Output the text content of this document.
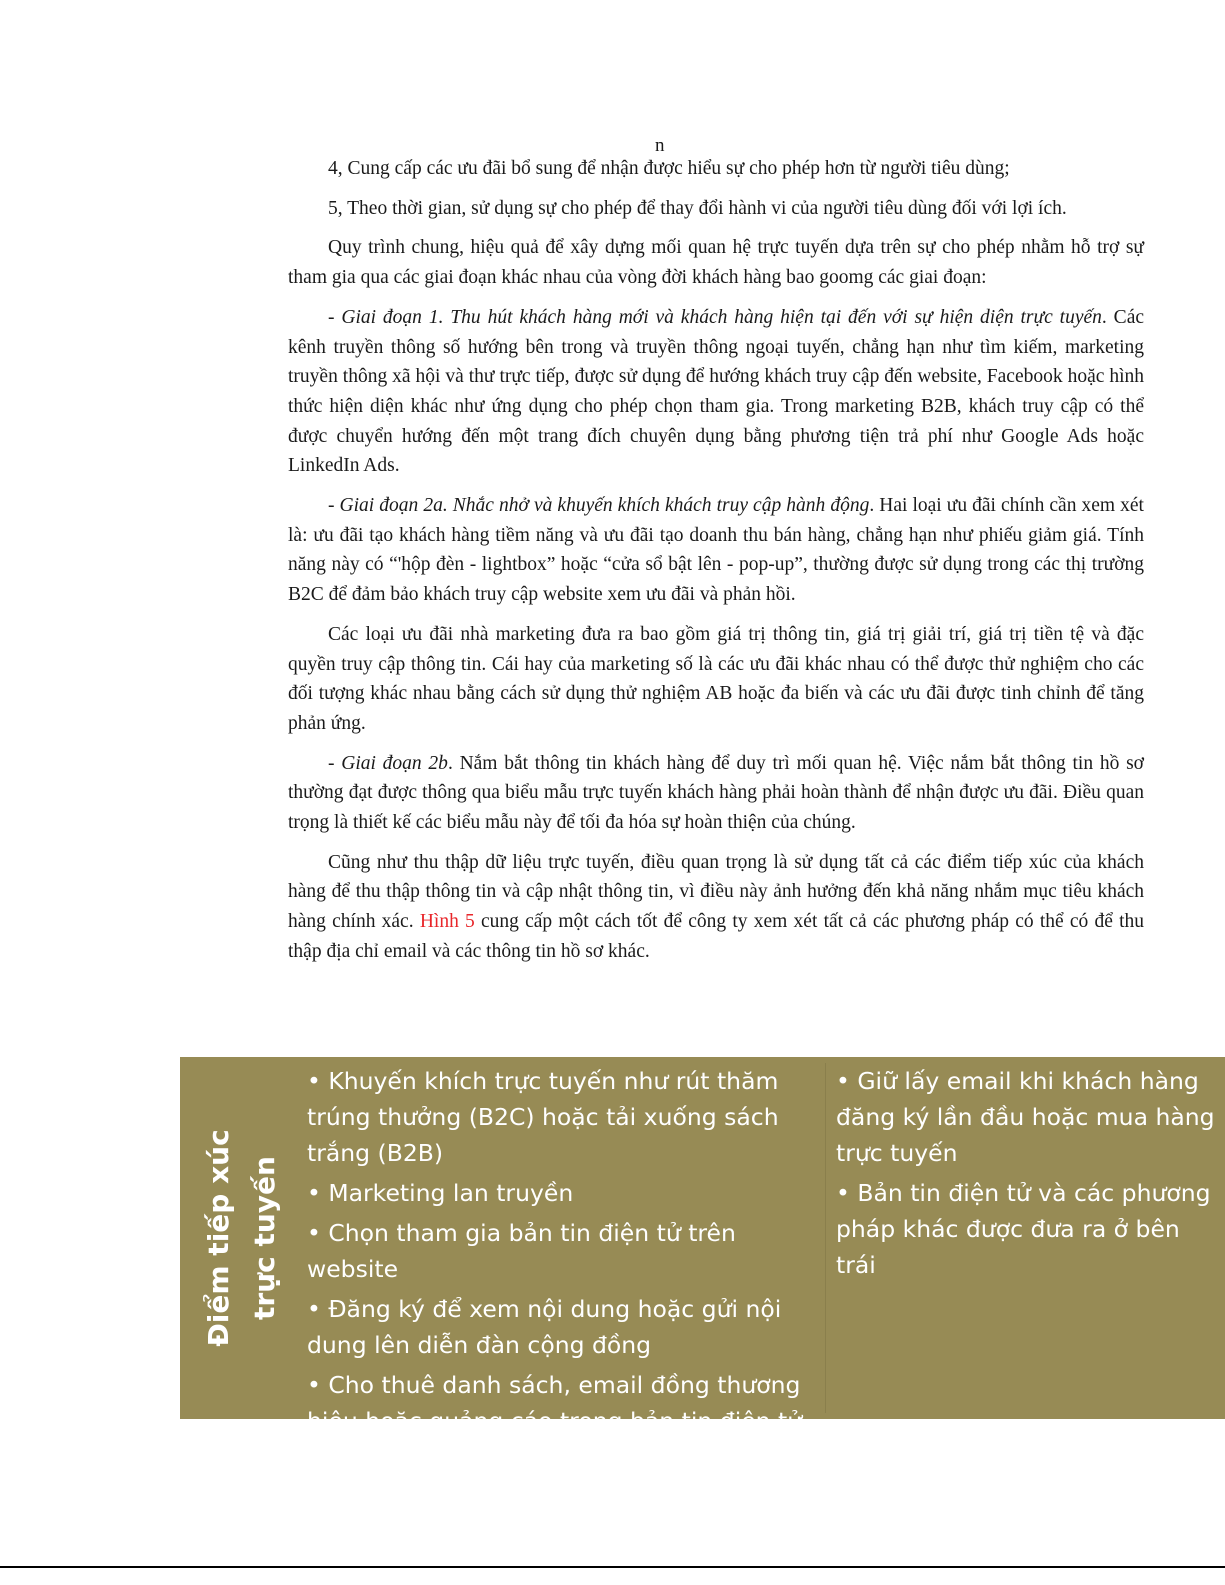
n

4, Cung cấp các ưu đãi bổ sung để nhận được hiểu sự cho phép hơn từ người tiêu dùng;

5, Theo thời gian, sử dụng sự cho phép để thay đổi hành vi của người tiêu dùng đối với lợi ích.

Quy trình chung, hiệu quả để xây dựng mối quan hệ trực tuyến dựa trên sự cho phép nhằm hỗ trợ sự tham gia qua các giai đoạn khác nhau của vòng đời khách hàng bao goomg các giai đoạn:

- Giai đoạn 1. Thu hút khách hàng mới và khách hàng hiện tại đến với sự hiện diện trực tuyến. Các kênh truyền thông số hướng bên trong và truyền thông ngoại tuyến, chẳng hạn như tìm kiếm, marketing truyền thông xã hội và thư trực tiếp, được sử dụng để hướng khách truy cập đến website, Facebook hoặc hình thức hiện diện khác như ứng dụng cho phép chọn tham gia. Trong marketing B2B, khách truy cập có thể được chuyển hướng đến một trang đích chuyên dụng bằng phương tiện trả phí như Google Ads hoặc LinkedIn Ads.

- Giai đoạn 2a. Nhắc nhở và khuyến khích khách truy cập hành động. Hai loại ưu đãi chính cần xem xét là: ưu đãi tạo khách hàng tiềm năng và ưu đãi tạo doanh thu bán hàng, chẳng hạn như phiếu giảm giá. Tính năng này có “'hộp đèn - lightbox” hoặc “cửa sổ bật lên - pop-up”, thường được sử dụng trong các thị trường B2C để đảm bảo khách truy cập website xem ưu đãi và phản hồi.

Các loại ưu đãi nhà marketing đưa ra bao gồm giá trị thông tin, giá trị giải trí, giá trị tiền tệ và đặc quyền truy cập thông tin. Cái hay của marketing số là các ưu đãi khác nhau có thể được thử nghiệm cho các đối tượng khác nhau bằng cách sử dụng thử nghiệm AB hoặc đa biến và các ưu đãi được tinh chỉnh để tăng phản ứng.

- Giai đoạn 2b. Nắm bắt thông tin khách hàng để duy trì mối quan hệ. Việc nắm bắt thông tin hồ sơ thường đạt được thông qua biểu mẫu trực tuyến khách hàng phải hoàn thành để nhận được ưu đãi. Điều quan trọng là thiết kế các biểu mẫu này để tối đa hóa sự hoàn thiện của chúng.

Cũng như thu thập dữ liệu trực tuyến, điều quan trọng là sử dụng tất cả các điểm tiếp xúc của khách hàng để thu thập thông tin và cập nhật thông tin, vì điều này ảnh hưởng đến khả năng nhắm mục tiêu khách hàng chính xác. Hình 5 cung cấp một cách tốt để công ty xem xét tất cả các phương pháp có thể có để thu thập địa chỉ email và các thông tin hồ sơ khác.

Điểm tiếp xúc trực tuyến
• Khuyến khích trực tuyến như rút thăm trúng thưởng (B2C) hoặc tải xuống sách trắng (B2B)
• Marketing lan truyền
• Chọn tham gia bản tin điện tử trên website
• Đăng ký để xem nội dung hoặc gửi nội dung lên diễn đàn cộng đồng
• Cho thuê danh sách, email đồng thương hiệu hoặc quảng cáo trong bản tin điện tử của bên thứ ba để khuyến khích chọn tham gia
• Giữ lấy email khi khách hàng đăng ký lần đầu hoặc mua hàng trực tuyến
• Bản tin điện tử và các phương pháp khác được đưa ra ở bên trái
